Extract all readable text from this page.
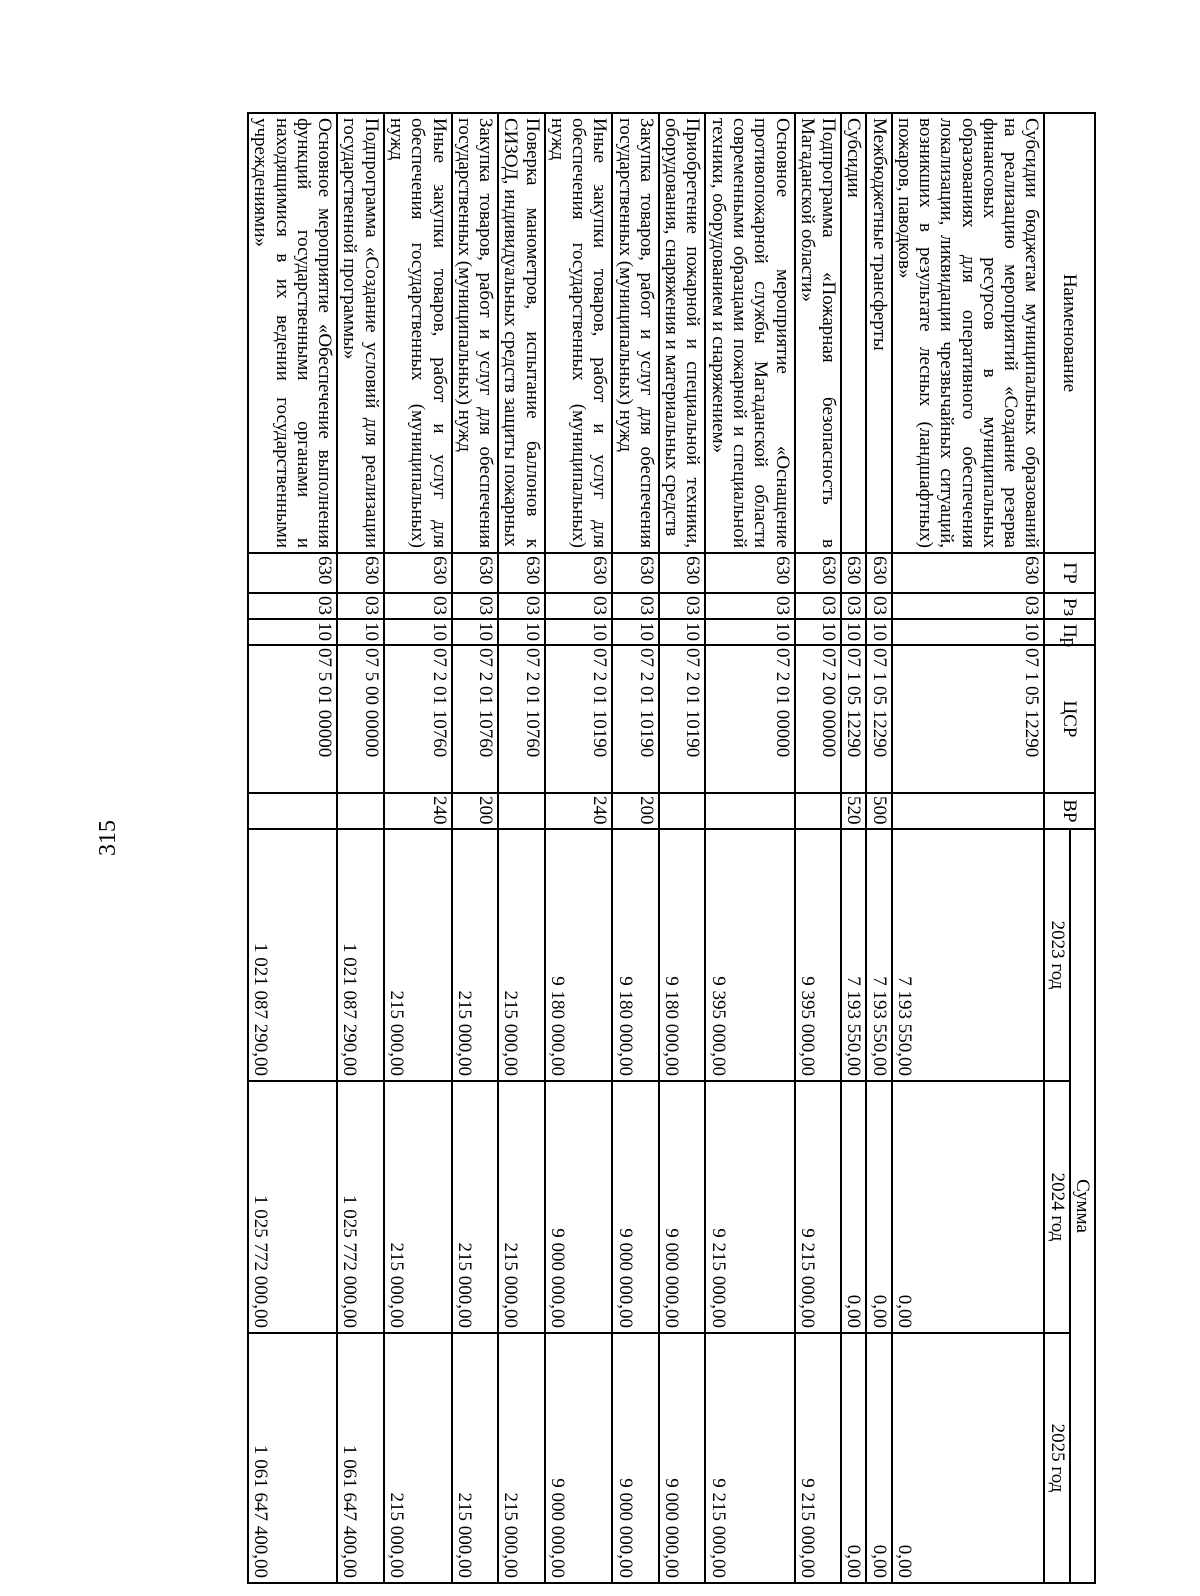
315
Наименование	ГР	Рз	Пр	ЦСР	ВР	Сумма		
						2023 год	2024 год	2025 год
Субсидии бюджетам муниципальных образований на реализацию мероприятий «Создание резерва финансовых ресурсов в муниципальных образованиях для оперативного обеспечения локализации, ликвидации чрезвычайных ситуаций, возникших в результате лесных (ландшафтных) пожаров, паводков»	630	03	10	07 1 05 12290		7 193 550,00	0,00	0,00
Межбюджетные трансферты	630	03	10	07 1 05 12290	500	7 193 550,00	0,00	0,00
Субсидии	630	03	10	07 1 05 12290	520	7 193 550,00	0,00	0,00
Подпрограмма «Пожарная безопасность в Магаданской области»	630	03	10	07 2 00 00000		9 395 000,00	9 215 000,00	9 215 000,00
Основное мероприятие «Оснащение противопожарной службы Магаданской области современными образцами пожарной и специальной техники, оборудованием и снаряжением»	630	03	10	07 2 01 00000		9 395 000,00	9 215 000,00	9 215 000,00
Приобретение пожарной и специальной техники, оборудования, снаряжения и материальных средств	630	03	10	07 2 01 10190		9 180 000,00	9 000 000,00	9 000 000,00
Закупка товаров, работ и услуг для обеспечения государственных (муниципальных) нужд	630	03	10	07 2 01 10190	200	9 180 000,00	9 000 000,00	9 000 000,00
Иные закупки товаров, работ и услуг для обеспечения государственных (муниципальных) нужд	630	03	10	07 2 01 10190	240	9 180 000,00	9 000 000,00	9 000 000,00
Поверка манометров, испытание баллонов к СИЗОД, индивидуальных средств защиты пожарных	630	03	10	07 2 01 10760		215 000,00	215 000,00	215 000,00
Закупка товаров, работ и услуг для обеспечения государственных (муниципальных) нужд	630	03	10	07 2 01 10760	200	215 000,00	215 000,00	215 000,00
Иные закупки товаров, работ и услуг для обеспечения государственных (муниципальных) нужд	630	03	10	07 2 01 10760	240	215 000,00	215 000,00	215 000,00
Подпрограмма «Создание условий для реализации государственной программы»	630	03	10	07 5 00 00000		1 021 087 290,00	1 025 772 000,00	1 061 647 400,00
Основное мероприятие «Обеспечение выполнения функций государственными органами и находящимися в их ведении государственными учреждениями»	630	03	10	07 5 01 00000		1 021 087 290,00	1 025 772 000,00	1 061 647 400,00
